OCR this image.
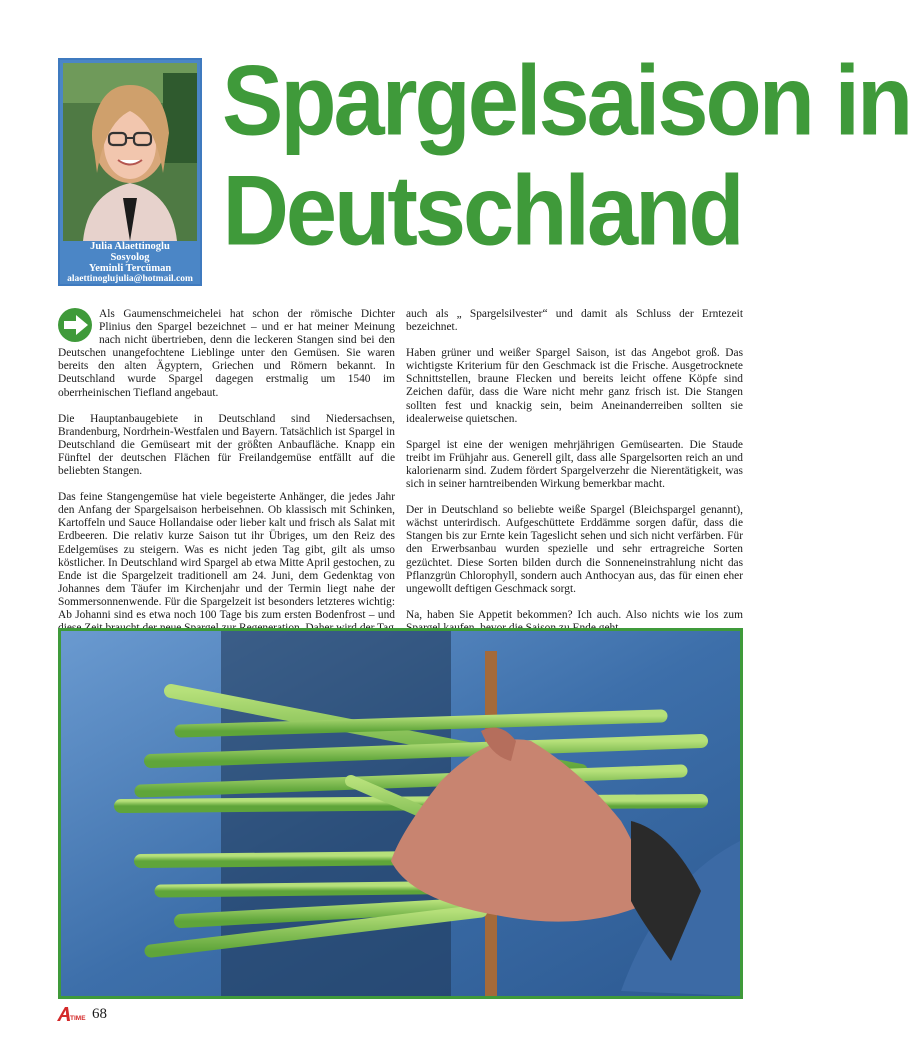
Julia Alaettinoglu
Sosyolog
Yeminli Tercüman
alaettinoglujulia@hotmail.com
Spargelsaison in
Deutschland

Als Gaumenschmeichelei hat schon der römische Dichter Plinius den Spargel bezeichnet – und er hat meiner Meinung nach nicht übertrieben, denn die leckeren Stangen sind bei den Deutschen unangefochtene Lieblinge unter den Gemüsen. Sie waren bereits den alten Ägyptern, Griechen und Römern bekannt. In Deutschland wurde Spargel dagegen erstmalig um 1540 im oberrheinischen Tiefland angebaut.

Die Hauptanbaugebiete in Deutschland sind Niedersachsen, Brandenburg, Nordrhein-Westfalen und Bayern. Tatsächlich ist Spargel in Deutschland die Gemüseart mit der größten Anbaufläche. Knapp ein Fünftel der deutschen Flächen für Freilandgemüse entfällt auf die beliebten Stangen.

Das feine Stangengemüse hat viele begeisterte Anhänger, die jedes Jahr den Anfang der Spargelsaison herbeisehnen. Ob klassisch mit Schinken, Kartoffeln und Sauce Hollandaise oder lieber kalt und frisch als Salat mit Erdbeeren. Die relativ kurze Saison tut ihr Übriges, um den Reiz des Edelgemüses zu steigern. Was es nicht jeden Tag gibt, gilt als umso köstlicher. In Deutschland wird Spargel ab etwa Mitte April gestochen, zu Ende ist die Spargelzeit traditionell am 24. Juni, dem Gedenktag von Johannes dem Täufer im Kirchenjahr und der Termin liegt nahe der Sommersonnenwende. Für die Spargelzeit ist besonders letzteres wichtig: Ab Johanni sind es etwa noch 100 Tage bis zum ersten Bodenfrost – und

auch als „ Spargelsilvester“ und damit als Schluss der Erntezeit bezeichnet.

Haben grüner und weißer Spargel Saison, ist das Angebot groß. Das wichtigste Kriterium für den Geschmack ist die Frische. Ausgetrocknete Schnittstellen, braune Flecken und bereits leicht offene Köpfe sind Zeichen dafür, dass die Ware nicht mehr ganz frisch ist. Die Stangen sollten fest und knackig sein, beim Aneinanderreiben sollten sie idealerweise quietschen.

Spargel ist eine der wenigen mehrjährigen Gemüsearten. Die Staude treibt im Frühjahr aus. Generell gilt, dass alle Spargelsorten reich an und kalorienarm sind. Zudem fördert Spargelverzehr die Nierentätigkeit, was sich in seiner harntreibenden Wirkung bemerkbar macht.

Der in Deutschland so beliebte weiße Spargel (Bleichspargel genannt), wächst unterirdisch. Aufgeschüttete Erddämme sorgen dafür, dass die Stangen bis zur Ernte kein Tageslicht sehen und sich nicht verfärben. Für den Erwerbsanbau wurden spezielle und sehr ertragreiche Sorten gezüchtet. Diese Sorten bilden durch die Sonneneinstrahlung nicht das Pflanzgrün Chlorophyll, sondern auch Anthocyan aus, das für einen eher ungewollt deftigen Geschmack sorgt.

Na, haben Sie Appetit bekommen? Ich auch. Also nichts wie los zum

TIME 68
